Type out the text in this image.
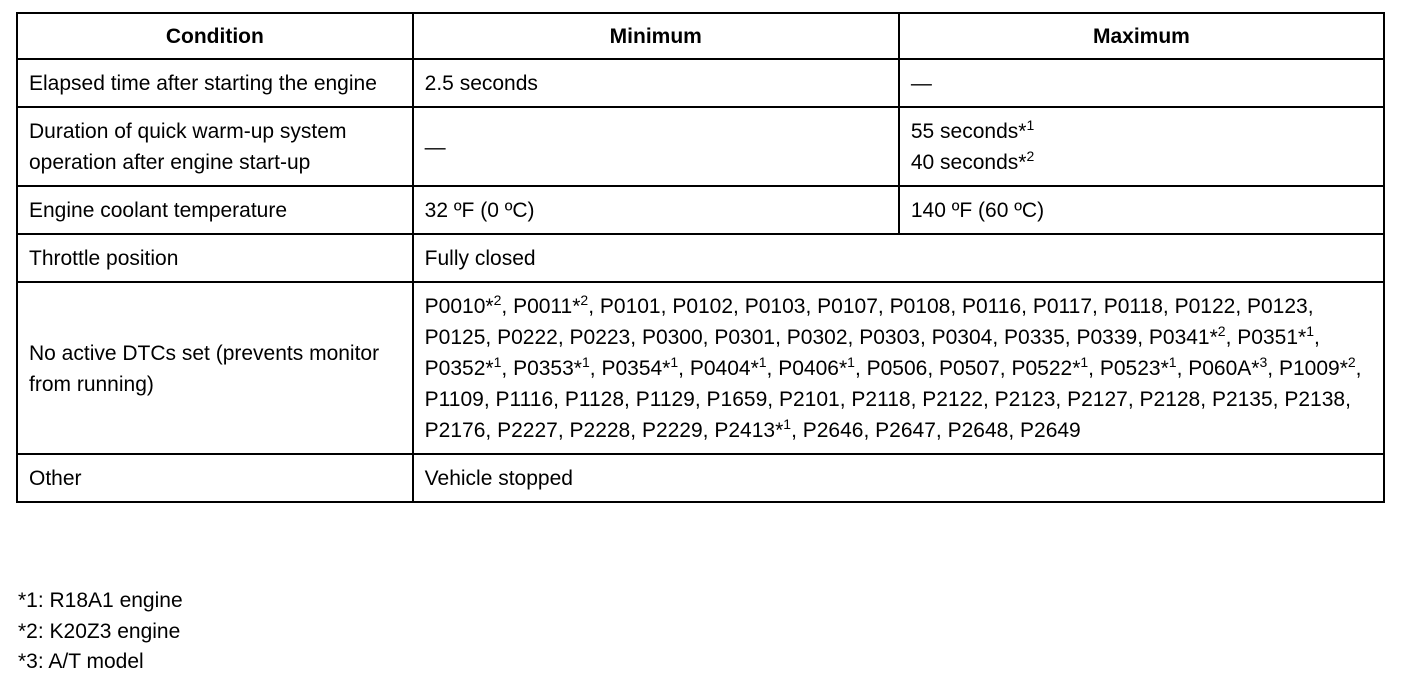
Condition	Minimum	Maximum
Elapsed time after starting the engine	2.5 seconds	—
Duration of quick warm-up system operation after engine start-up	—	55 seconds*$^1$
40 seconds*$^2$
Engine coolant temperature	32 ºF (0 ºC)	140 ºF (60 ºC)
Throttle position	Fully closed	
No active DTCs set (prevents monitor from running)	P0010*$^2$, P0011*$^2$, P0101, P0102, P0103, P0107, P0108, P0116, P0117, P0118, P0122, P0123, P0125, P0222, P0223, P0300, P0301, P0302, P0303, P0304, P0335, P0339, P0341*$^2$, P0351*$^1$, P0352*$^1$, P0353*$^1$, P0354*$^1$, P0404*$^1$, P0406*$^1$, P0506, P0507, P0522*$^1$, P0523*$^1$, P060A*$^3$, P1009*$^2$, P1109, P1116, P1128, P1129, P1659, P2101, P2118, P2122, P2123, P2127, P2128, P2135, P2138, P2176, P2227, P2228, P2229, P2413*$^1$, P2646, P2647, P2648, P2649	

Other	Vehicle stopped	
*1: R18A1 engine
*2: K20Z3 engine
*3: A/T model
